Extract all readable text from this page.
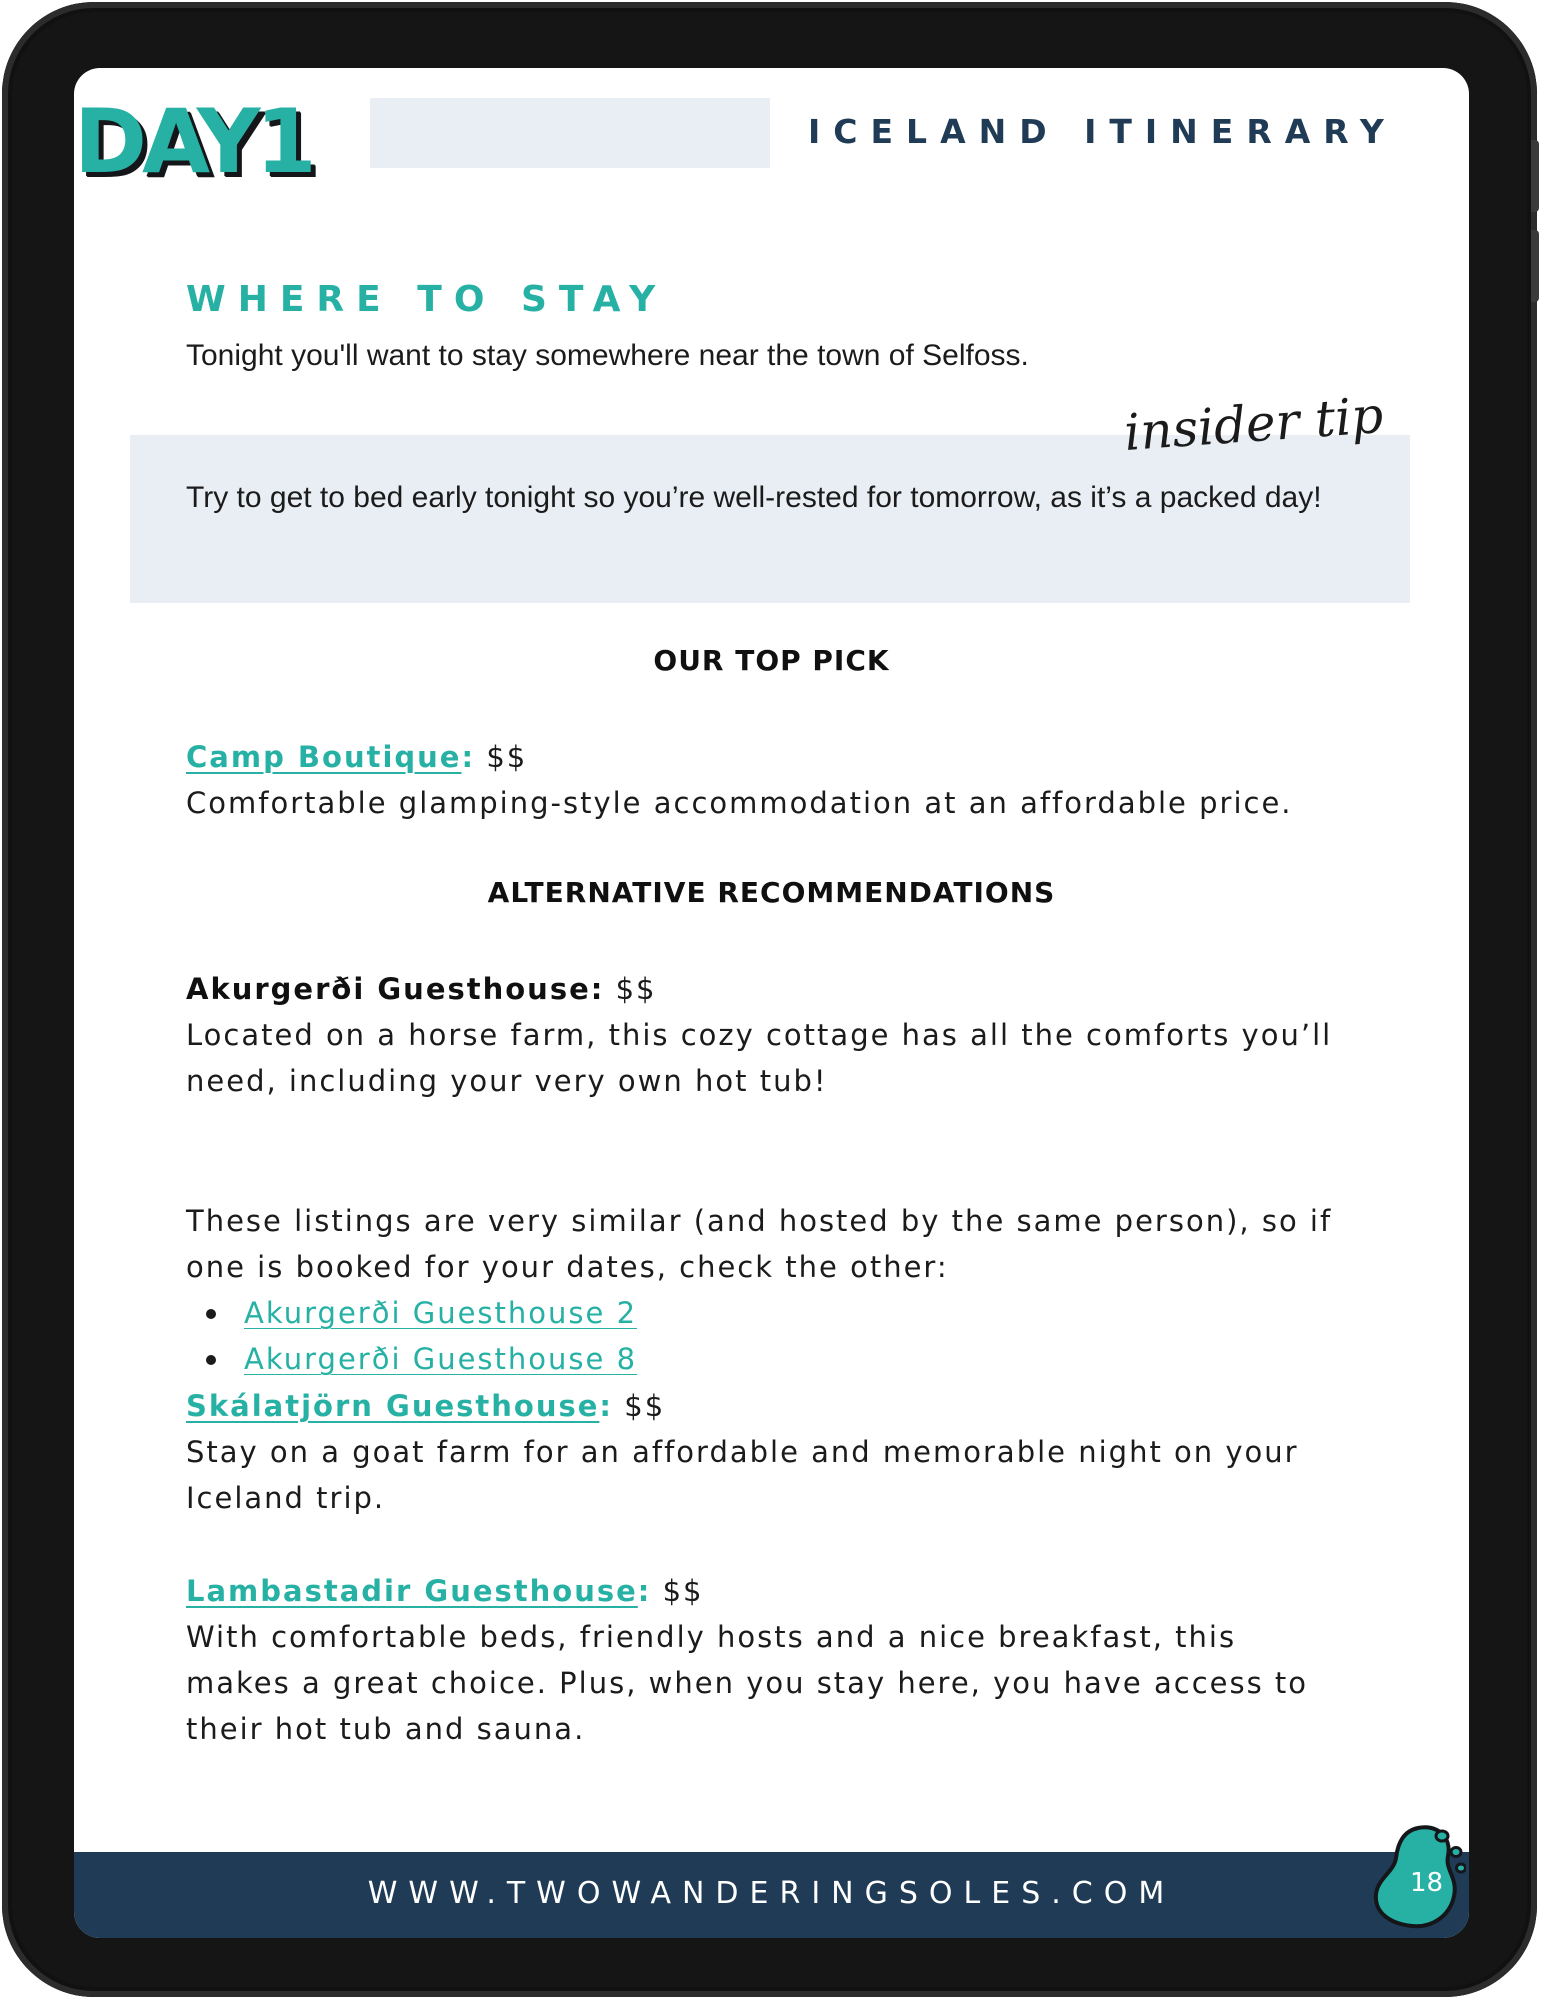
DAY1	ICELAND ITINERARY
WHERE TO STAY

Tonight you'll want to stay somewhere near the town of Selfoss.

Try to get to bed early tonight so you’re well-rested for tomorrow, as it’s a packed day!

insider tip

OUR TOP PICK

Camp Boutique: $$

Comfortable glamping-style accommodation at an affordable price.

ALTERNATIVE RECOMMENDATIONS

Akurgerði Guesthouse: $$

Located on a horse farm, this cozy cottage has all the comforts you’ll

need, including your very own hot tub!

These listings are very similar (and hosted by the same person), so if

one is booked for your dates, check the other:

Akurgerði Guesthouse 2
Akurgerði Guesthouse 8

Skálatjörn Guesthouse: $$

Stay on a goat farm for an affordable and memorable night on your

Iceland trip.

Lambastadir Guesthouse: $$

With comfortable beds, friendly hosts and a nice breakfast, this

makes a great choice. Plus, when you stay here, you have access to

their hot tub and sauna.

WWW.TWOWANDERINGSOLES.COM	18
